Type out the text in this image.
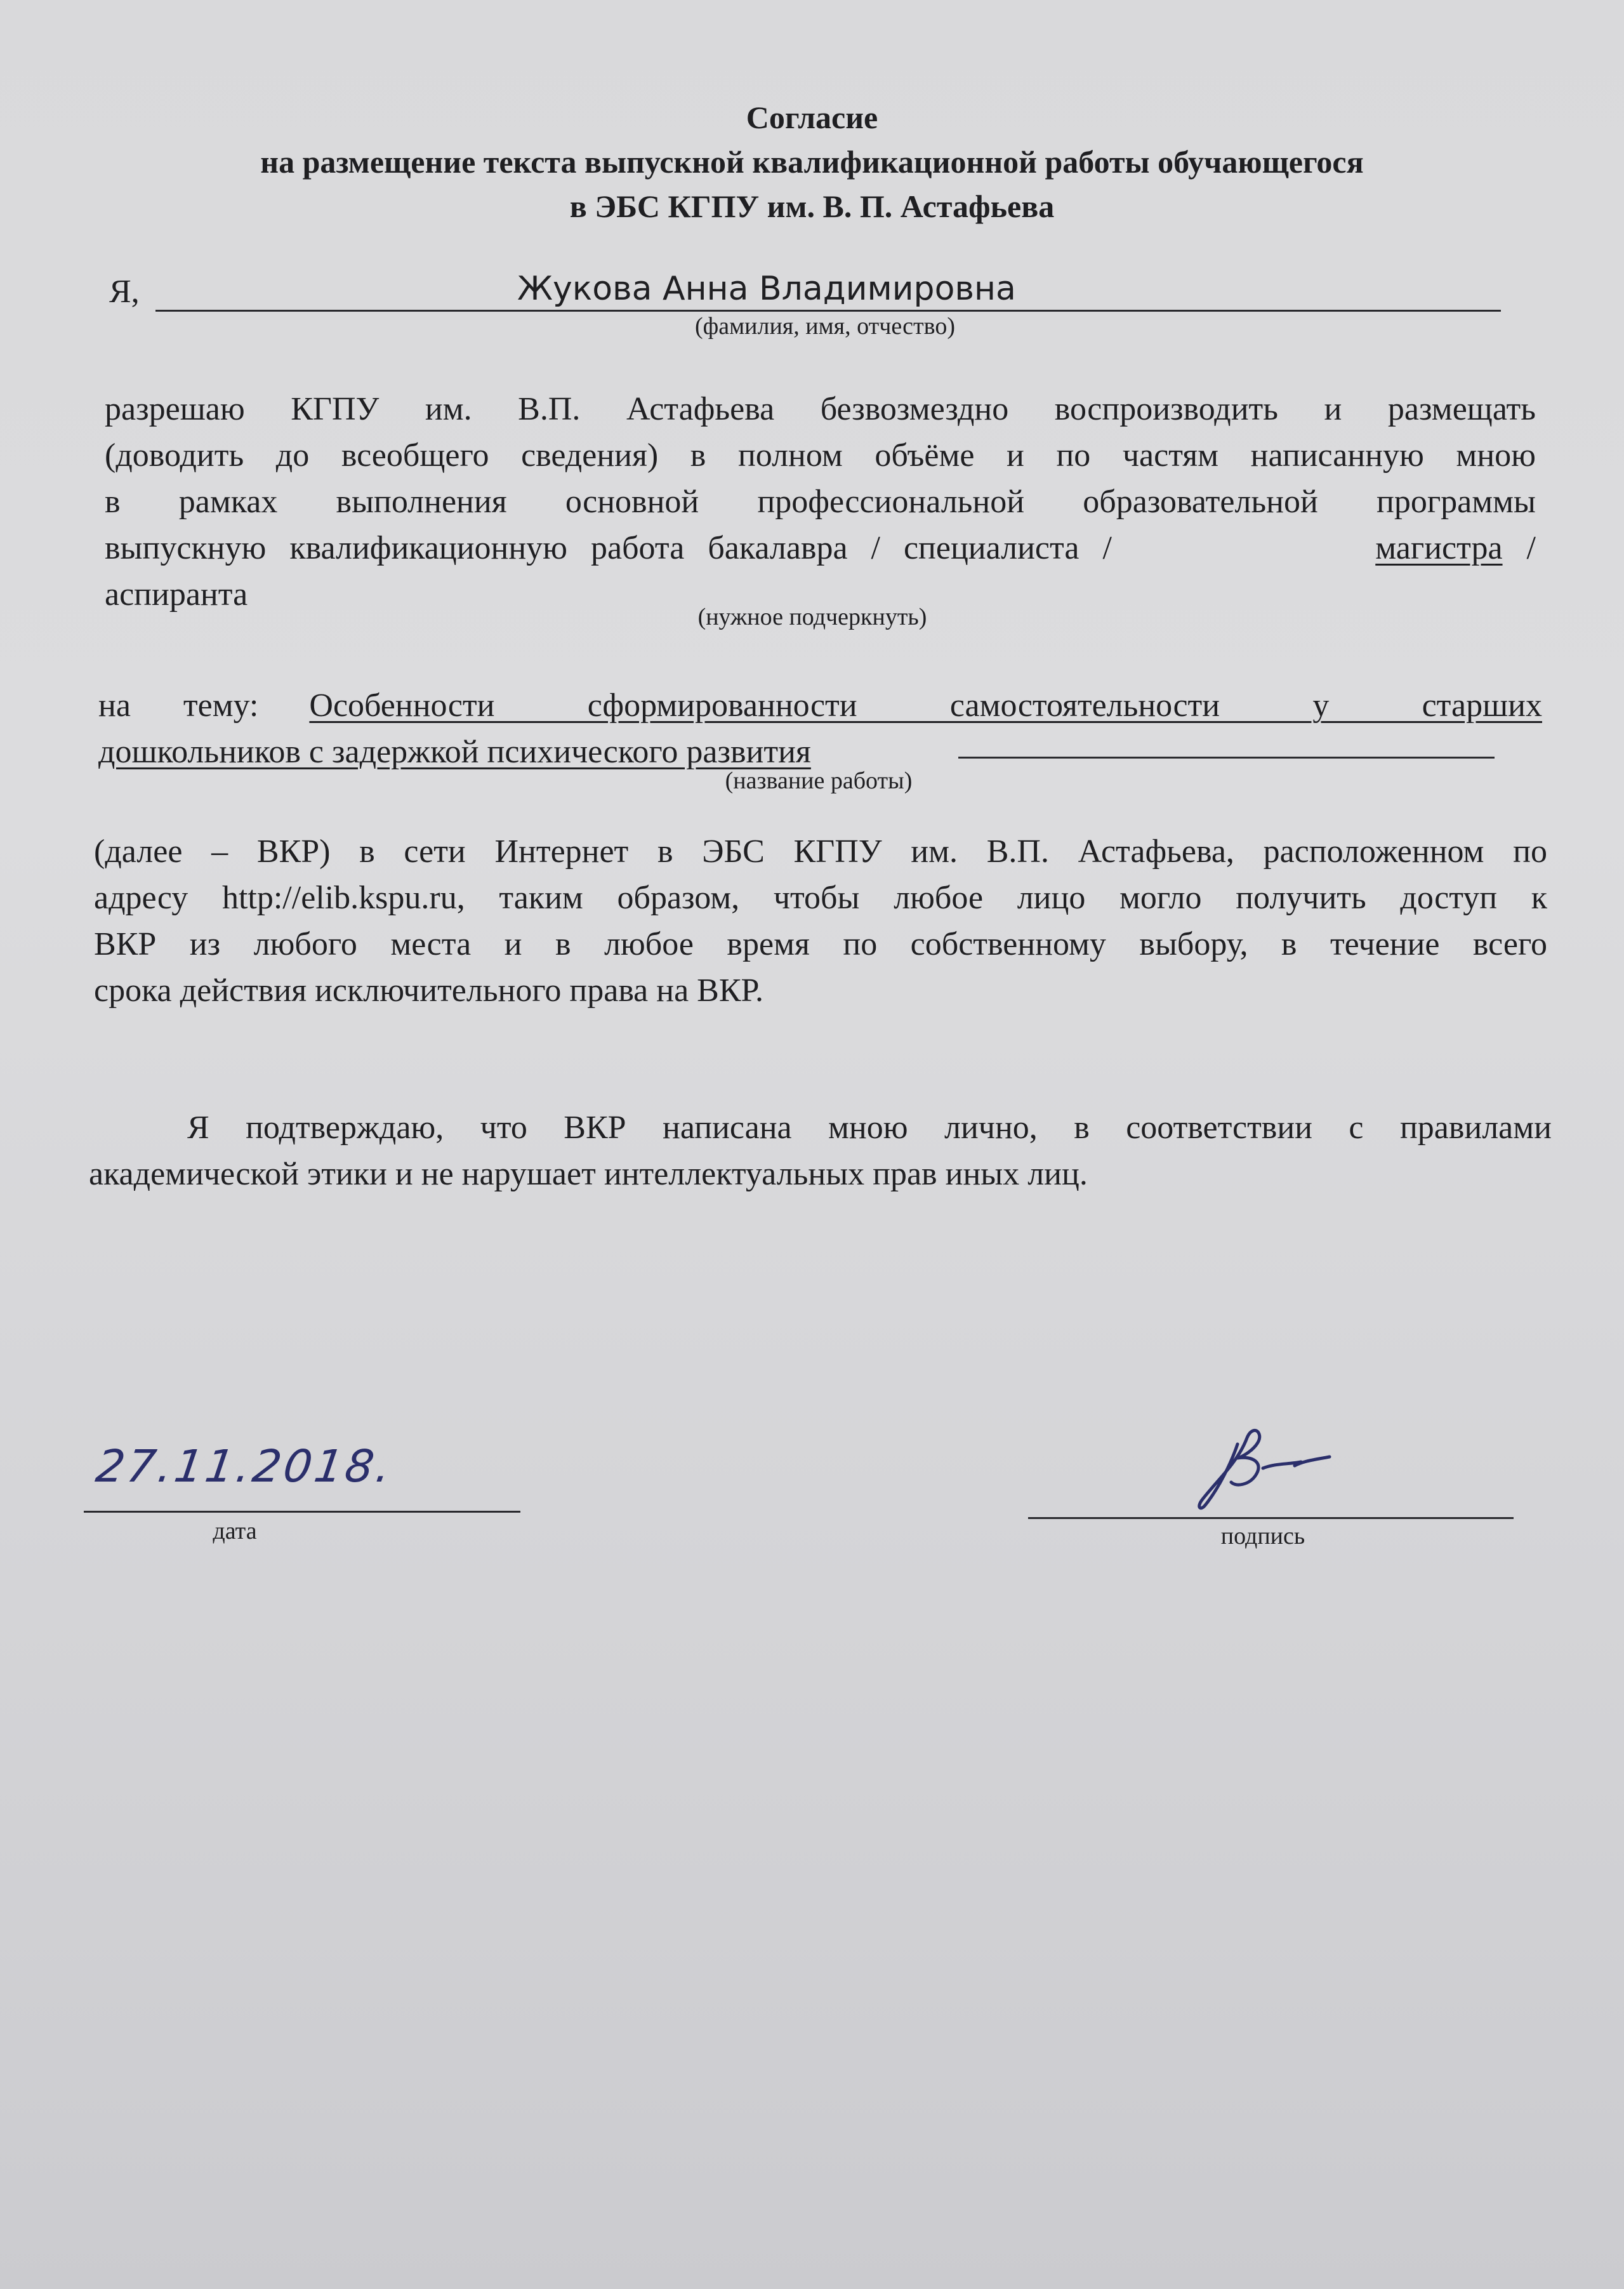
Согласие
на размещение текста выпускной квалификационной работы обучающегося
в ЭБС КГПУ им. В. П. Астафьева
Я,	Жукова Анна Владимировна
(фамилия, имя, отчество)
разрешаю КГПУ им. В.П. Астафьева безвозмездно воспроизводить и размещать
(доводить до всеобщего сведения) в полном объёме и по частям написанную мною
в рамках выполнения основной профессиональной образовательной программы
выпускную квалификационную работа бакалавра / специалиста /	магистра /
аспиранта
(нужное подчеркнуть)
на тему: Особенности сформированности самостоятельности у старших
дошкольников с задержкой психического развития
(название работы)
(далее – ВКР) в сети Интернет в ЭБС КГПУ им. В.П. Астафьева, расположенном по
адресу http://elib.kspu.ru, таким образом, чтобы любое лицо могло получить доступ к
ВКР из любого места и в любое время по собственному выбору, в течение всего
срока действия исключительного права на ВКР.
Я подтверждаю, что ВКР написана мною лично, в соответствии с правилами
академической этики и не нарушает интеллектуальных прав иных лиц.
27.11.2018.
дата	подпись
